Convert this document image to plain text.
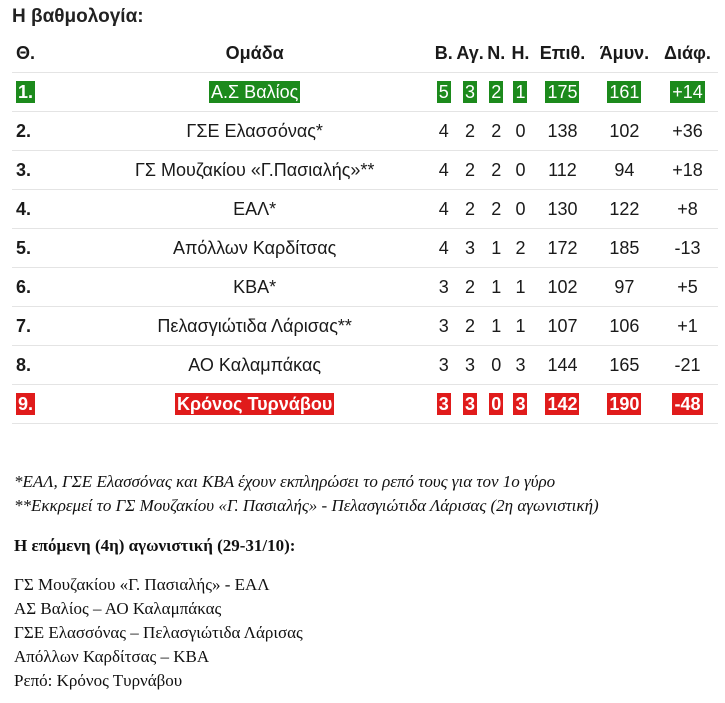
Η βαθμολογία:
Θ.	Ομάδα	Β.	Αγ.	Ν.	Η.	Επιθ.	Άμυν.	Διάφ.
1.	Α.Σ Βαλίος	5	3	2	1	175	161	+14
2.	ΓΣΕ Ελασσόνας*	4	2	2	0	138	102	+36
3.	ΓΣ Μουζακίου «Γ.Πασιαλής»**	4	2	2	0	112	94	+18
4.	ΕΑΛ*	4	2	2	0	130	122	+8
5.	Απόλλων Καρδίτσας	4	3	1	2	172	185	-13
6.	ΚΒΑ*	3	2	1	1	102	97	+5
7.	Πελασγιώτιδα Λάρισας**	3	2	1	1	107	106	+1
8.	ΑΟ Καλαμπάκας	3	3	0	3	144	165	-21
9.	Κρόνος Τυρνάβου	3	3	0	3	142	190	-48
*ΕΑΛ, ΓΣΕ Ελασσόνας και ΚΒΑ έχουν εκπληρώσει το ρεπό τους για τον 1ο γύρο
**Εκκρεμεί το ΓΣ Μουζακίου «Γ. Πασιαλής» - Πελασγιώτιδα Λάρισας (2η αγωνιστική)
Η επόμενη (4η) αγωνιστική (29-31/10):
ΓΣ Μουζακίου «Γ. Πασιαλής» - ΕΑΛ
ΑΣ Βαλίος – ΑΟ Καλαμπάκας
ΓΣΕ Ελασσόνας – Πελασγιώτιδα Λάρισας
Απόλλων Καρδίτσας – ΚΒΑ
Ρεπό: Κρόνος Τυρνάβου
